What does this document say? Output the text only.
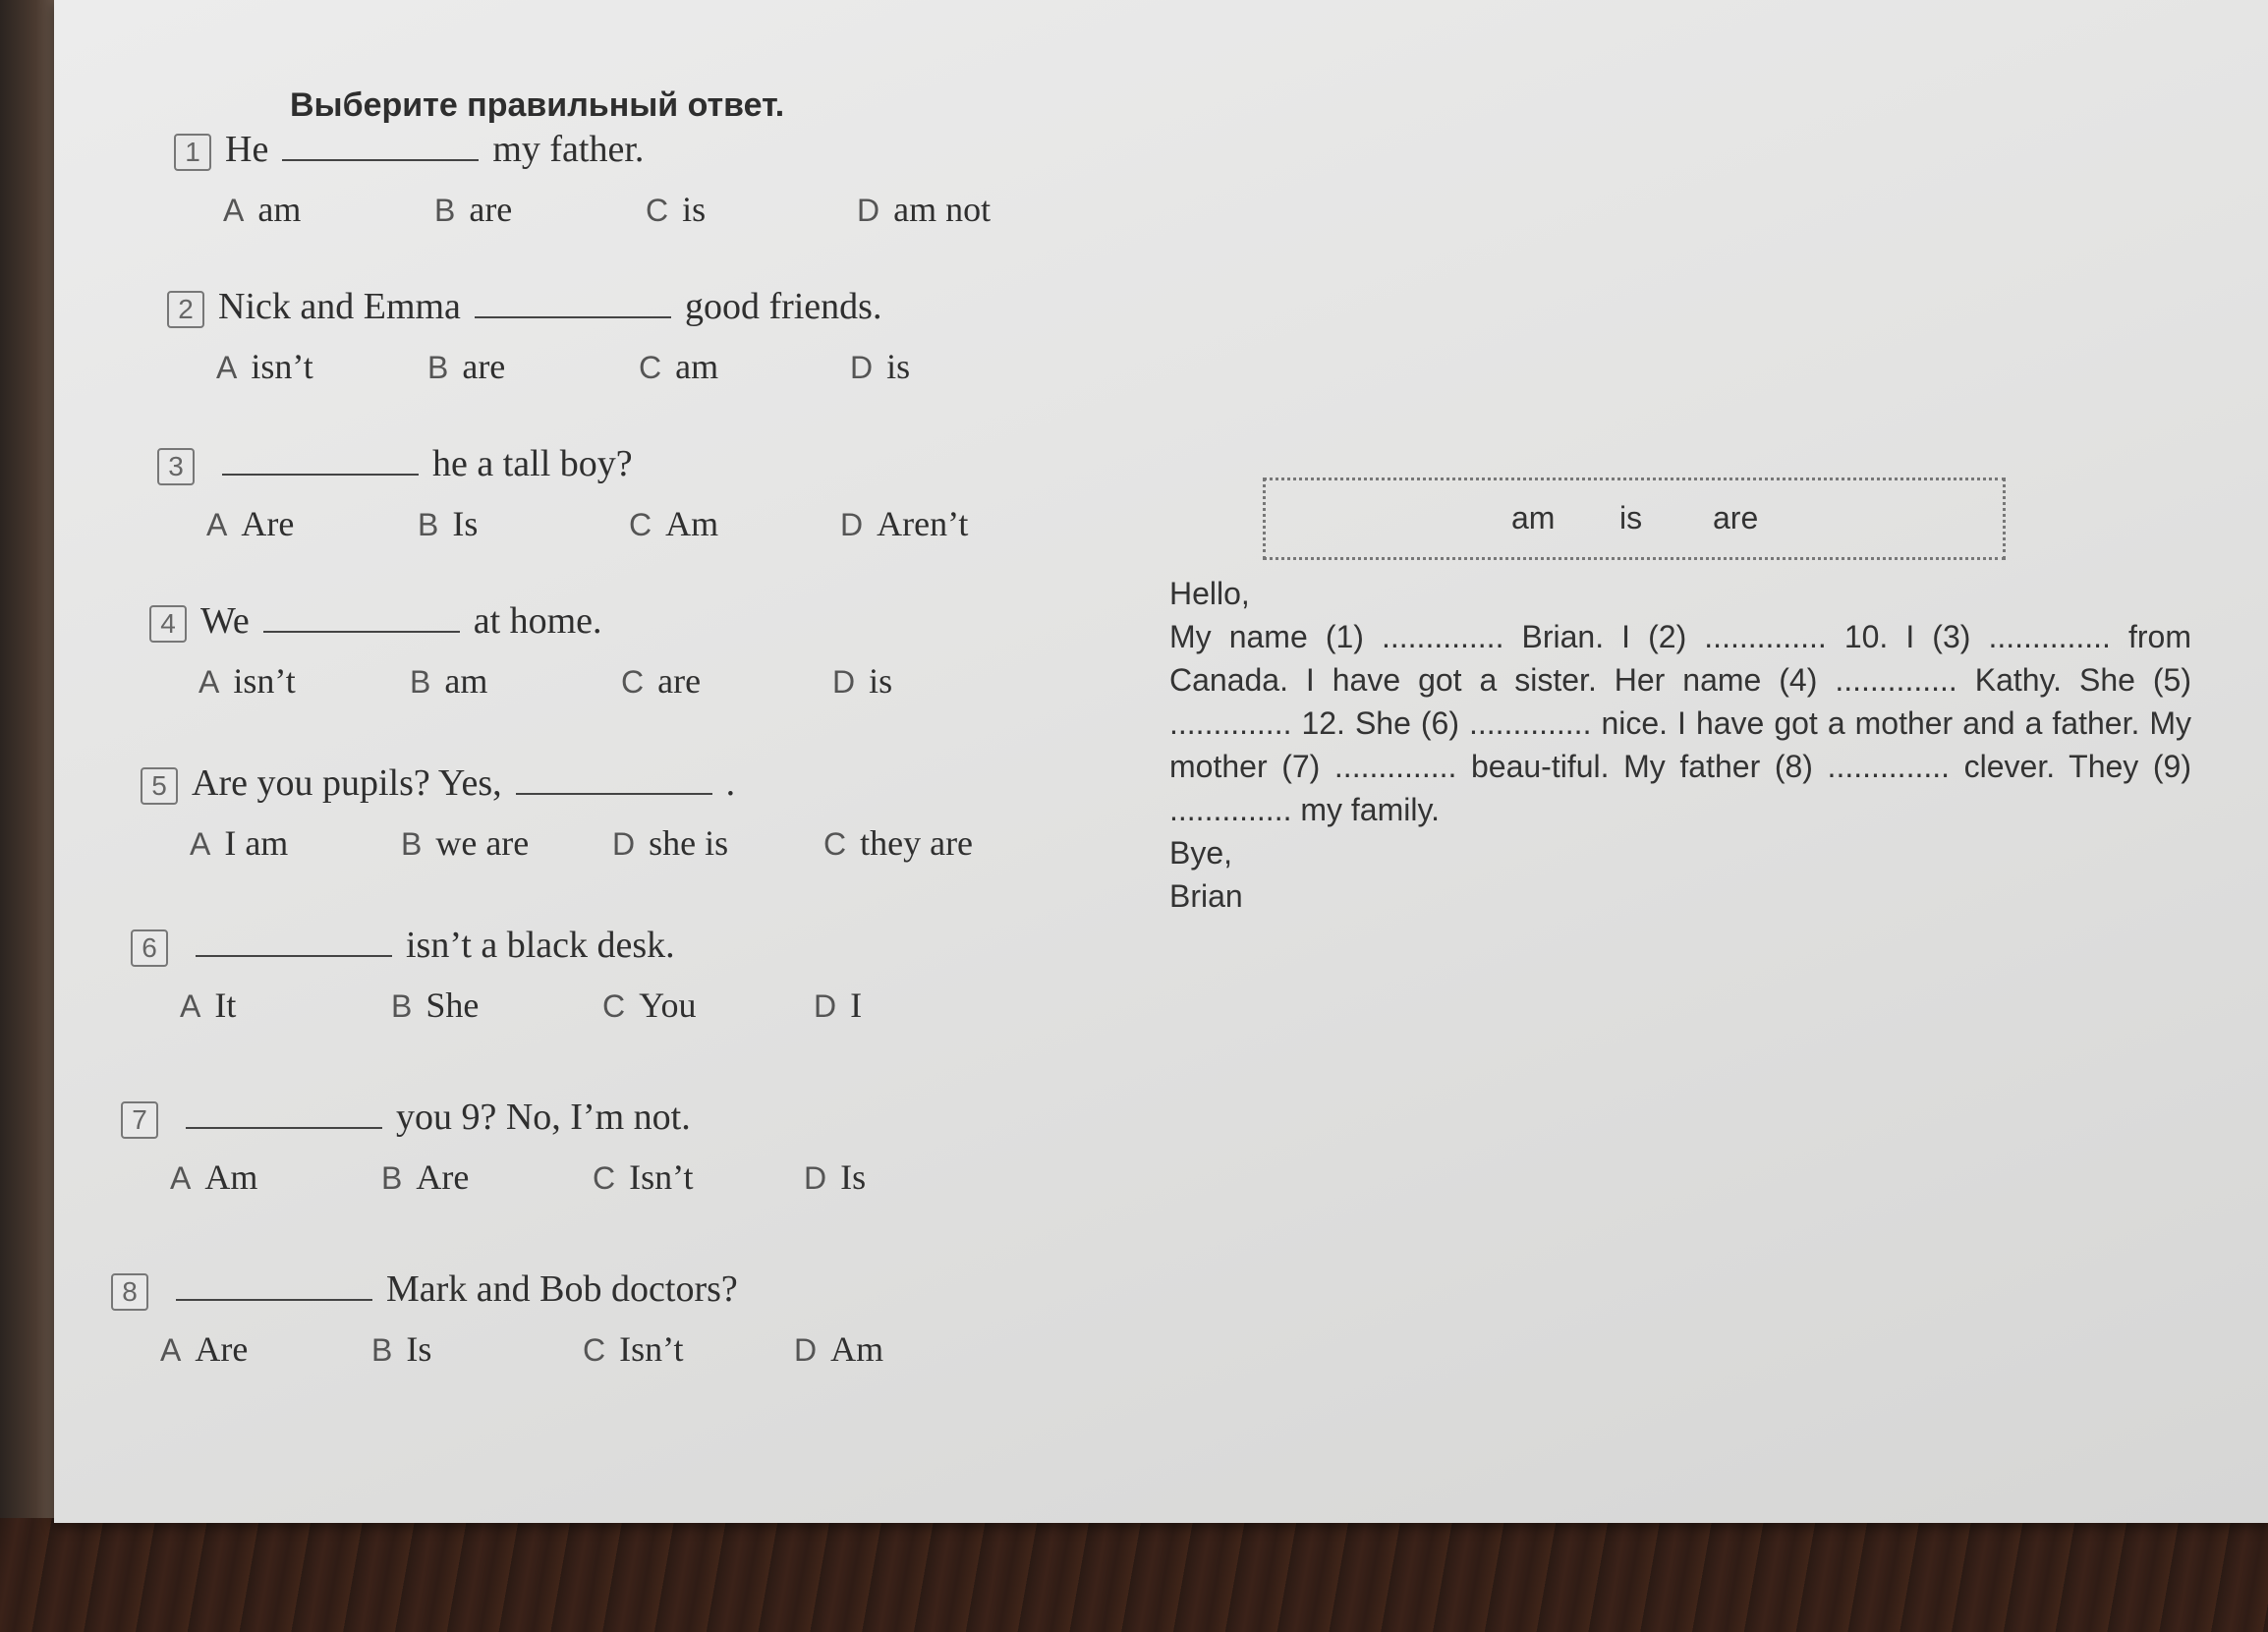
Выберите правильный ответ.
1 He	my father.
A am	B are	C is	D am not
2 Nick and Emma	good friends.
A isn’t	B are	C am	D is
3	he a tall boy?
A Are	B Is	C Am	D Aren’t
4 We	at home.
A isn’t	B am	C are	D is
5 Are you pupils? Yes,	.
A I am	B we are	D she is	C they are
6	isn’t a black desk.
A It	B She	C You	D I
7	you 9? No, I’m not.
A Am	B Are	C Isn’t	D Is
8	Mark and Bob doctors?
A Are	B Is	C Isn’t	D Am
am is are

Hello,

My name (1) .............. Brian. I (2) .............. 10. I (3) .............. from Canada. I have got a sister. Her name (4) .............. Kathy. She (5) .............. 12. She (6) .............. nice. I have got a mother and a father. My mother (7) .............. beau-tiful. My father (8) .............. clever. They (9) .............. my family.

Bye,

Brian
